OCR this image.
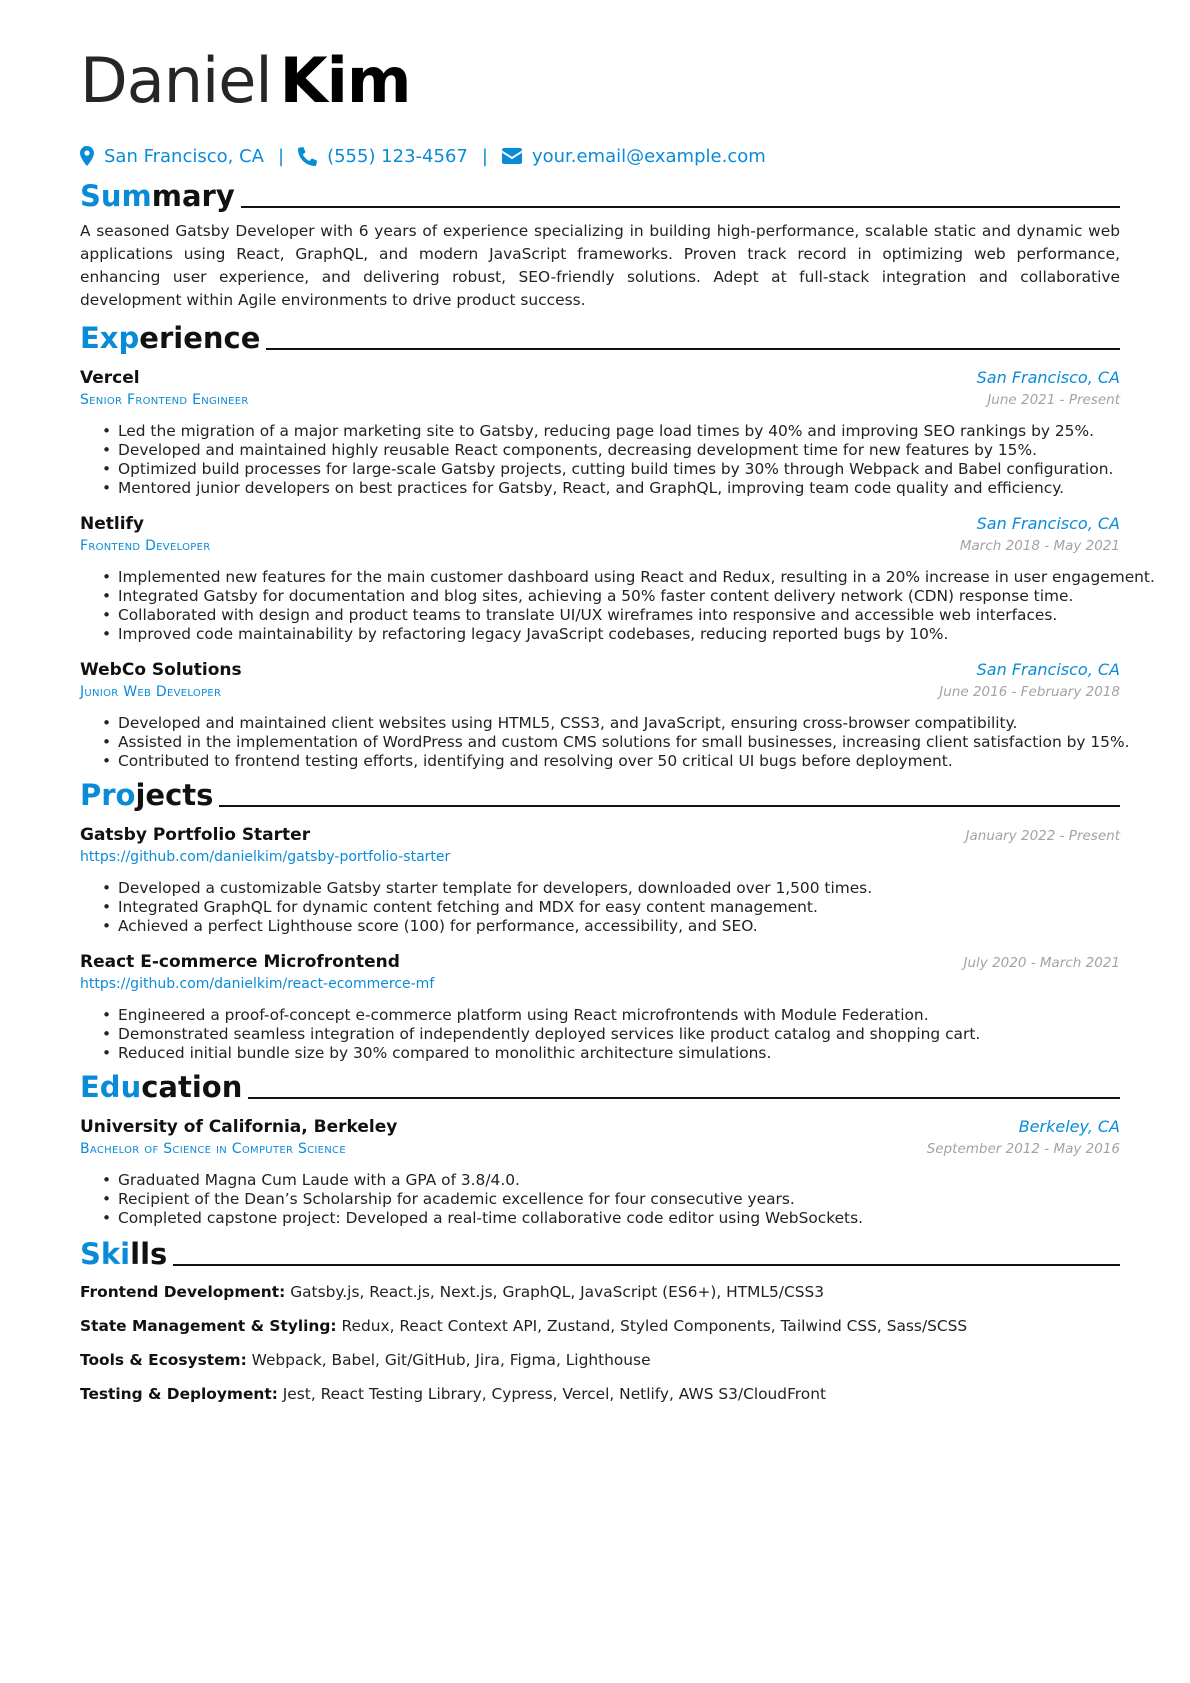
Daniel Kim
San Francisco, CA | (555) 123-4567 | your.email@example.com
Summary
A seasoned Gatsby Developer with 6 years of experience specializing in building high-performance, scalable static and dynamic web applications using React, GraphQL, and modern JavaScript frameworks. Proven track record in optimizing web performance, enhancing user experience, and delivering robust, SEO-friendly solutions. Adept at full-stack integration and collaborative development within Agile environments to drive product success.
Experience
Vercel	San Francisco, CA
Senior Frontend Engineer	June 2021 - Present
• Led the migration of a major marketing site to Gatsby, reducing page load times by 40% and improving SEO rankings by 25%.
• Developed and maintained highly reusable React components, decreasing development time for new features by 15%.
• Optimized build processes for large-scale Gatsby projects, cutting build times by 30% through Webpack and Babel configuration.
• Mentored junior developers on best practices for Gatsby, React, and GraphQL, improving team code quality and efficiency.
Netlify	San Francisco, CA
Frontend Developer	March 2018 - May 2021
• Implemented new features for the main customer dashboard using React and Redux, resulting in a 20% increase in user engagement.
• Integrated Gatsby for documentation and blog sites, achieving a 50% faster content delivery network (CDN) response time.
• Collaborated with design and product teams to translate UI/UX wireframes into responsive and accessible web interfaces.
• Improved code maintainability by refactoring legacy JavaScript codebases, reducing reported bugs by 10%.
WebCo Solutions	San Francisco, CA
Junior Web Developer	June 2016 - February 2018
• Developed and maintained client websites using HTML5, CSS3, and JavaScript, ensuring cross-browser compatibility.
• Assisted in the implementation of WordPress and custom CMS solutions for small businesses, increasing client satisfaction by 15%.
• Contributed to frontend testing efforts, identifying and resolving over 50 critical UI bugs before deployment.
Projects
Gatsby Portfolio Starter	January 2022 - Present
https://github.com/danielkim/gatsby-portfolio-starter
• Developed a customizable Gatsby starter template for developers, downloaded over 1,500 times.
• Integrated GraphQL for dynamic content fetching and MDX for easy content management.
• Achieved a perfect Lighthouse score (100) for performance, accessibility, and SEO.
React E-commerce Microfrontend	July 2020 - March 2021
https://github.com/danielkim/react-ecommerce-mf
• Engineered a proof-of-concept e-commerce platform using React microfrontends with Module Federation.
• Demonstrated seamless integration of independently deployed services like product catalog and shopping cart.
• Reduced initial bundle size by 30% compared to monolithic architecture simulations.
Education
University of California, Berkeley	Berkeley, CA
Bachelor of Science in Computer Science	September 2012 - May 2016
• Graduated Magna Cum Laude with a GPA of 3.8/4.0.
• Recipient of the Dean’s Scholarship for academic excellence for four consecutive years.
• Completed capstone project: Developed a real-time collaborative code editor using WebSockets.
Skills
Frontend Development: Gatsby.js, React.js, Next.js, GraphQL, JavaScript (ES6+), HTML5/CSS3
State Management & Styling: Redux, React Context API, Zustand, Styled Components, Tailwind CSS, Sass/SCSS
Tools & Ecosystem: Webpack, Babel, Git/GitHub, Jira, Figma, Lighthouse
Testing & Deployment: Jest, React Testing Library, Cypress, Vercel, Netlify, AWS S3/CloudFront
